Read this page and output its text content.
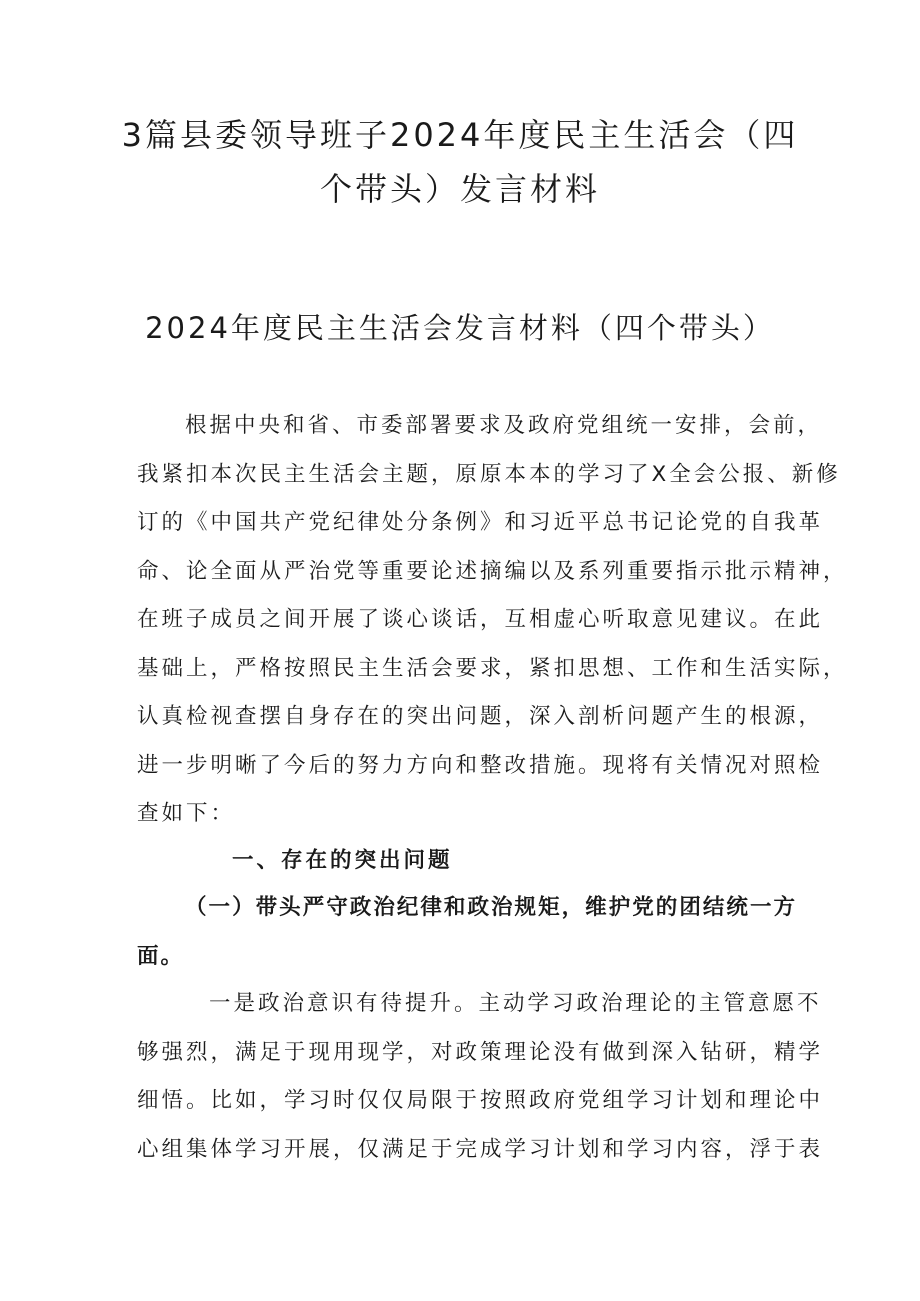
3篇县委领导班子2024年度民主生活会（四
个带头）发言材料
2024年度民主生活会发言材料（四个带头）
根据中央和省、市委部署要求及政府党组统一安排，会前，
我紧扣本次民主生活会主题，原原本本的学习了X全会公报、新修
订的《中国共产党纪律处分条例》和习近平总书记论党的自我革
命、论全面从严治党等重要论述摘编以及系列重要指示批示精神，
在班子成员之间开展了谈心谈话，互相虚心听取意见建议。在此
基础上，严格按照民主生活会要求，紧扣思想、工作和生活实际，
认真检视查摆自身存在的突出问题，深入剖析问题产生的根源，
进一步明晰了今后的努力方向和整改措施。现将有关情况对照检
查如下：
一、存在的突出问题
（一）带头严守政治纪律和政治规矩，维护党的团结统一方
面。
一是政治意识有待提升。主动学习政治理论的主管意愿不
够强烈，满足于现用现学，对政策理论没有做到深入钻研，精学
细悟。比如，学习时仅仅局限于按照政府党组学习计划和理论中
心组集体学习开展，仅满足于完成学习计划和学习内容，浮于表
